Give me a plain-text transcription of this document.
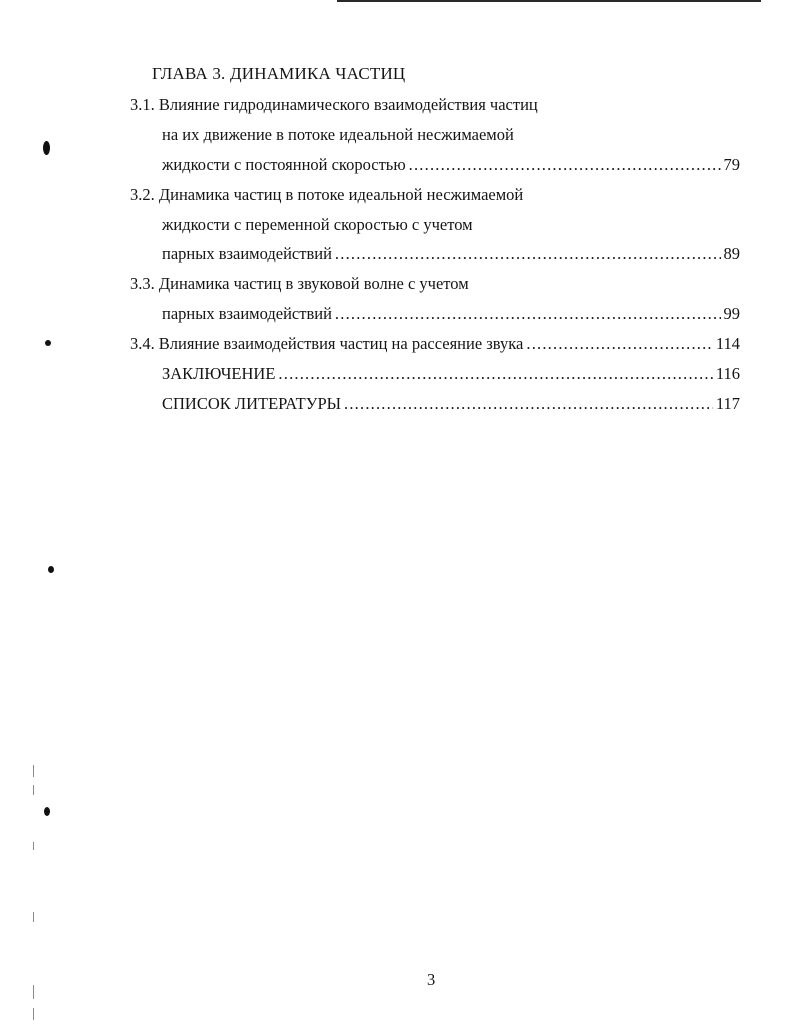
ГЛАВА 3. ДИНАМИКА ЧАСТИЦ
3.1. Влияние гидродинамического взаимодействия частиц
на их движение в потоке идеальной несжимаемой
жидкости с постоянной скоростью .....	79
3.2. Динамика частиц в потоке идеальной несжимаемой
жидкости с переменной скоростью с учетом
парных взаимодействий .....	89
3.3. Динамика частиц в звуковой волне с учетом
парных взаимодействий .....	99
3.4. Влияние взаимодействия частиц на рассеяние звука .....	114
ЗАКЛЮЧЕНИЕ .....	116
СПИСОК ЛИТЕРАТУРЫ .....	117
3
